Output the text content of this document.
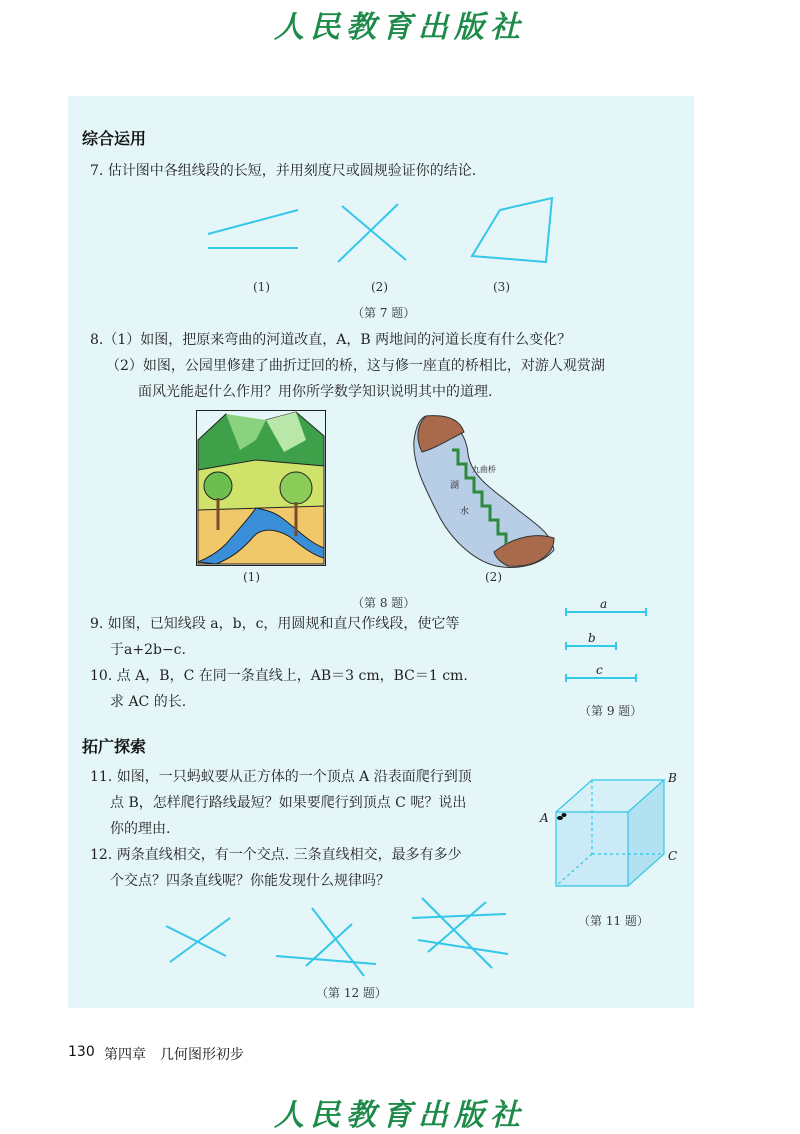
人民教育出版社
综合运用
7. 估计图中各组线段的长短，并用刻度尺或圆规验证你的结论.
(1)	(2)	(3)
（第 7 题）
8.（1）如图，把原来弯曲的河道改直，A，B 两地间的河道长度有什么变化？
（2）如图，公园里修建了曲折迂回的桥，这与修一座直的桥相比，对游人观赏湖
面风光能起什么作用？用你所学数学知识说明其中的道理.
九曲桥
湖
水
(1)	(2)
（第 8 题）
9. 如图，已知线段 a，b，c，用圆规和直尺作线段，使它等
于a+2b−c.
a
b
c
10. 点 A，B，C 在同一条直线上，AB＝3 cm，BC＝1 cm.
求 AC 的长.
（第 9 题）
拓广探索
11. 如图，一只蚂蚁要从正方体的一个顶点 A 沿表面爬行到顶
点 B，怎样爬行路线最短？如果要爬行到顶点 C 呢？说出
你的理由.
A
B
C
12. 两条直线相交，有一个交点. 三条直线相交，最多有多少
个交点？四条直线呢？你能发现什么规律吗？
（第 11 题）
（第 12 题）
130 第四章　几何图形初步
人民教育出版社
